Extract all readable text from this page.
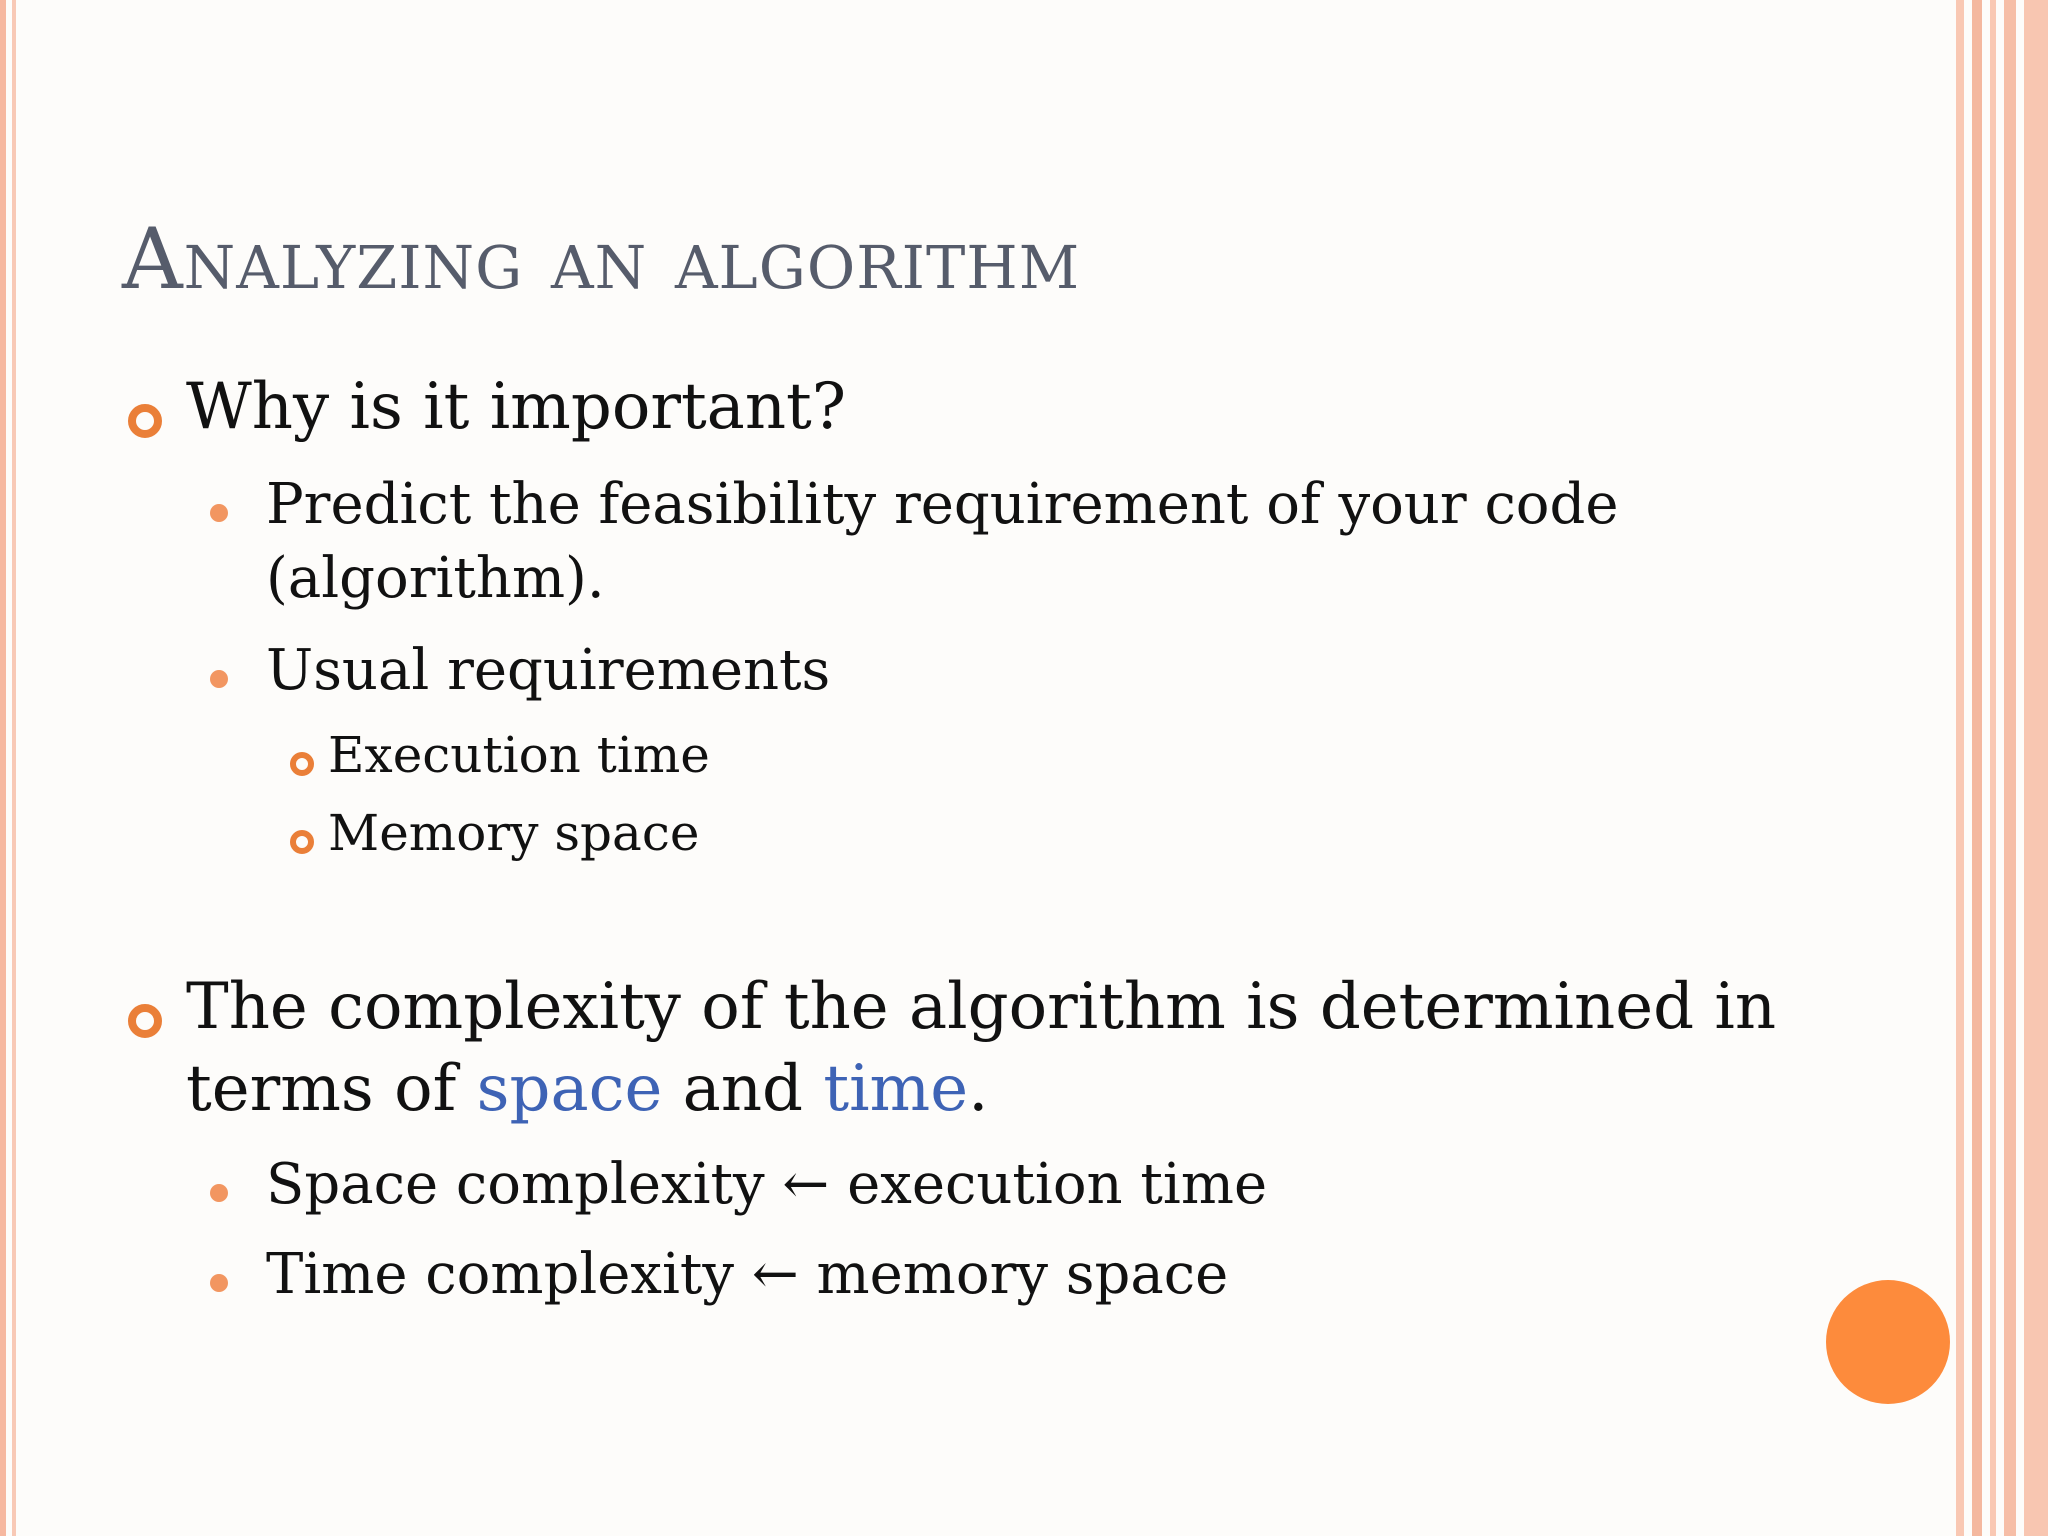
Analyzing an algorithm
Why is it important?
Predict the feasibility requirement of your code
(algorithm).
Usual requirements
Execution time
Memory space
The complexity of the algorithm is determined in
terms of space and time.
Space complexity ← execution time
Time complexity ← memory space
